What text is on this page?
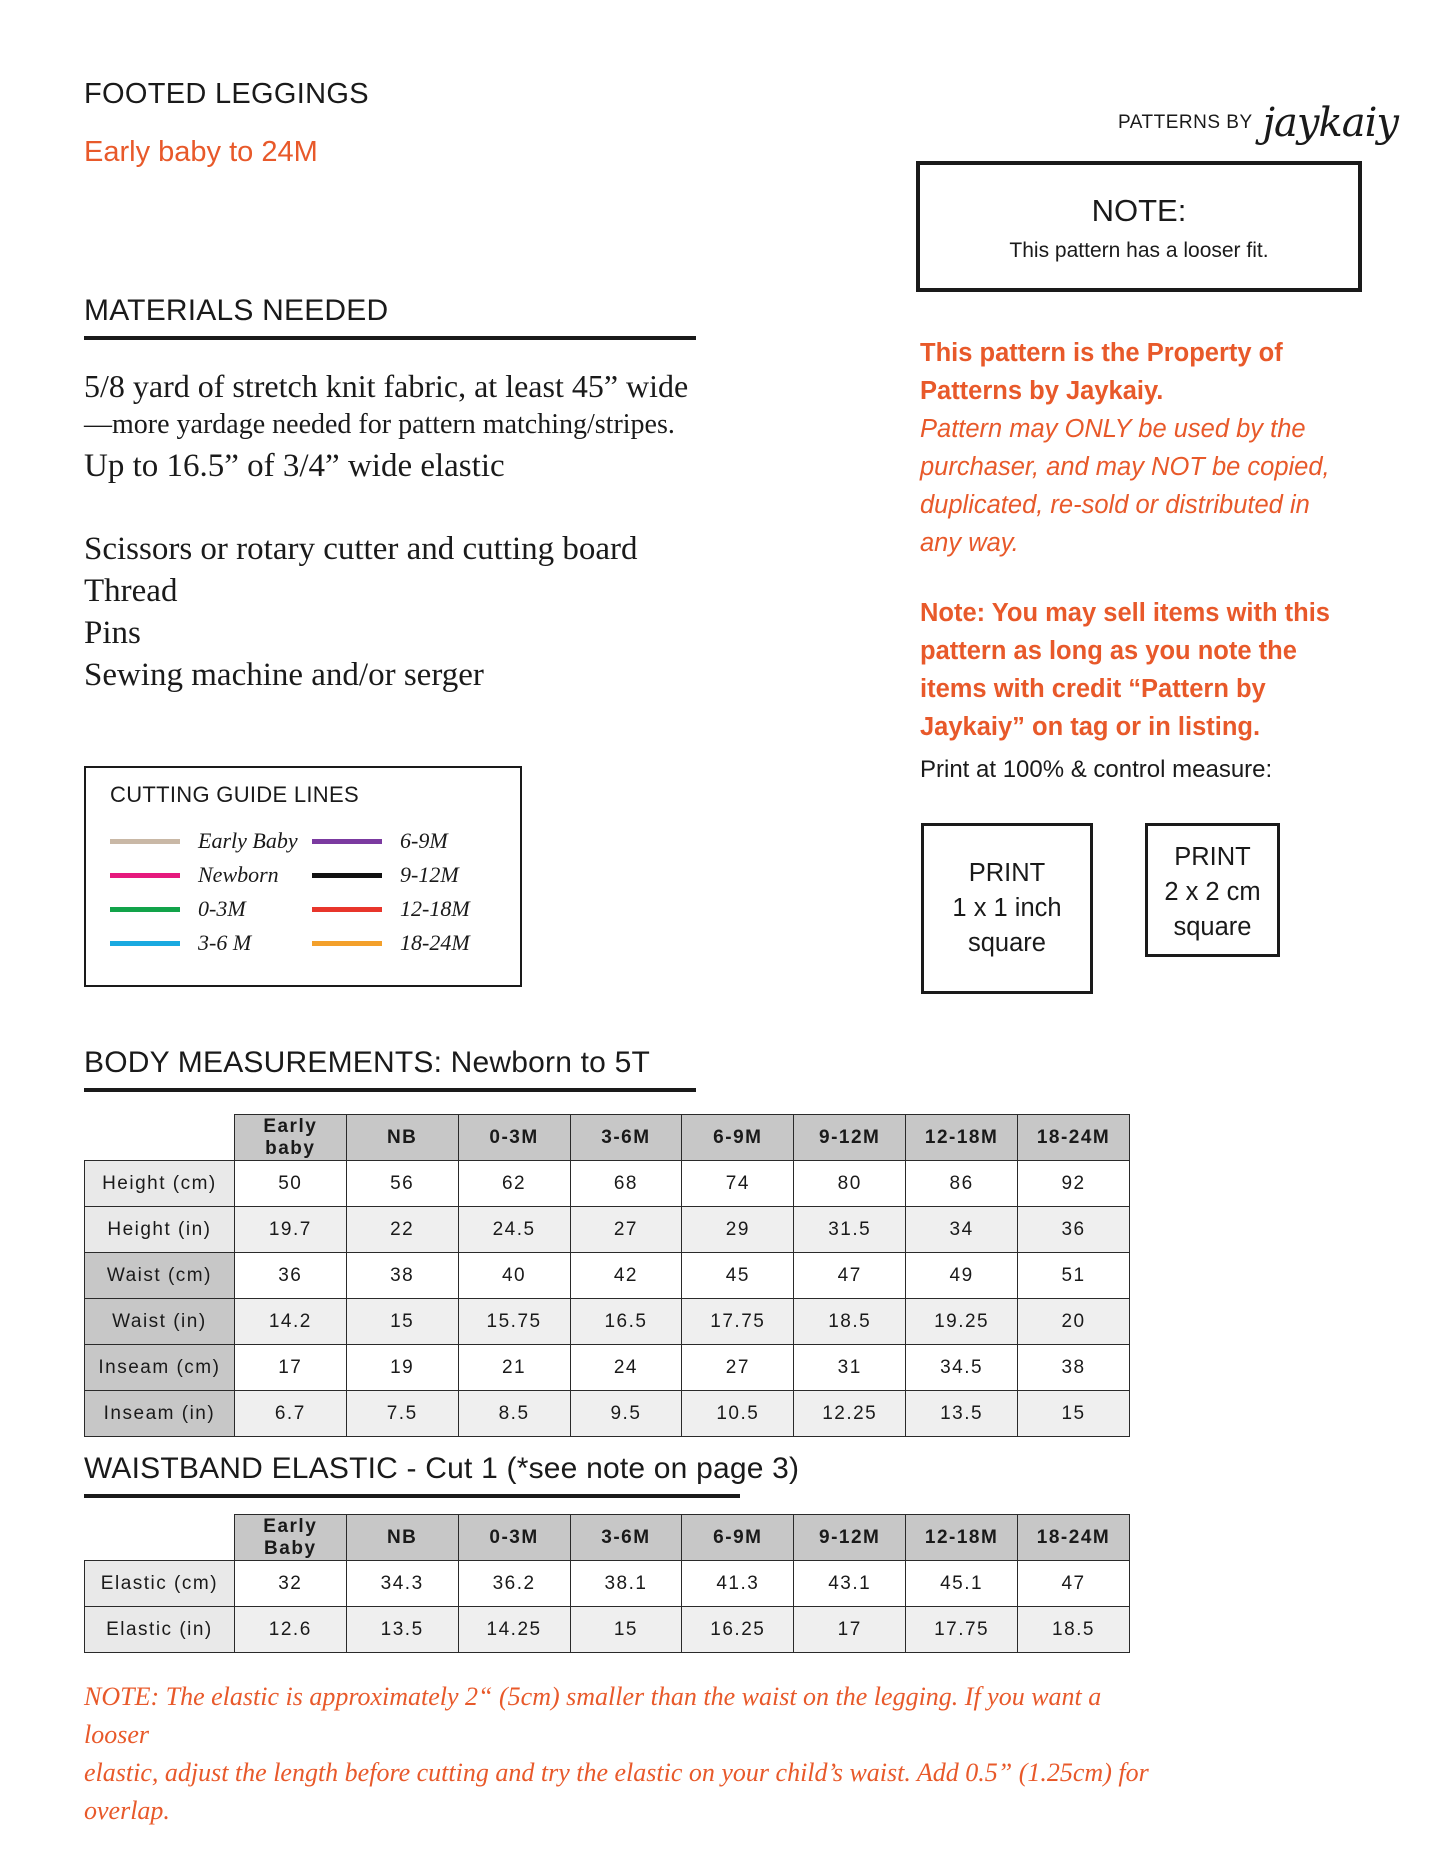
FOOTED LEGGINGS
Early baby to 24M
PATTERNS BY jaykaiy
NOTE:
This pattern has a looser fit.
MATERIALS NEEDED
5/8 yard of stretch knit fabric, at least 45” wide
—more yardage needed for pattern matching/stripes.
Up to 16.5” of 3/4” wide elastic
Scissors or rotary cutter and cutting board
Thread
Pins
Sewing machine and/or serger
This pattern is the Property of
Patterns by Jaykaiy.
Pattern may ONLY be used by the
purchaser, and may NOT be copied,
duplicated, re-sold or distributed in
any way.
Note: You may sell items with this
pattern as long as you note the
items with credit “Pattern by
Jaykaiy” on tag or in listing.
Print at 100% & control measure:
PRINT
1 x 1 inch
square
PRINT
2 x 2 cm
square
CUTTING GUIDE LINES
Early Baby
Newborn
0-3M
3-6 M
6-9M
9-12M
12-18M
18-24M
BODY MEASUREMENTS: Newborn to 5T
	Early baby	NB	0-3M	3-6M	6-9M	9-12M	12-18M	18-24M
Height (cm)	50	56	62	68	74	80	86	92
Height (in)	19.7	22	24.5	27	29	31.5	34	36
Waist (cm)	36	38	40	42	45	47	49	51
Waist (in)	14.2	15	15.75	16.5	17.75	18.5	19.25	20
Inseam (cm)	17	19	21	24	27	31	34.5	38
Inseam (in)	6.7	7.5	8.5	9.5	10.5	12.25	13.5	15
WAISTBAND ELASTIC - Cut 1 (*see note on page 3)
	Early Baby	NB	0-3M	3-6M	6-9M	9-12M	12-18M	18-24M
Elastic (cm)	32	34.3	36.2	38.1	41.3	43.1	45.1	47
Elastic (in)	12.6	13.5	14.25	15	16.25	17	17.75	18.5
NOTE: The elastic is approximately 2“ (5cm) smaller than the waist on the legging. If you want a looser
elastic, adjust the length before cutting and try the elastic on your child’s waist. Add 0.5” (1.25cm) for
overlap.
